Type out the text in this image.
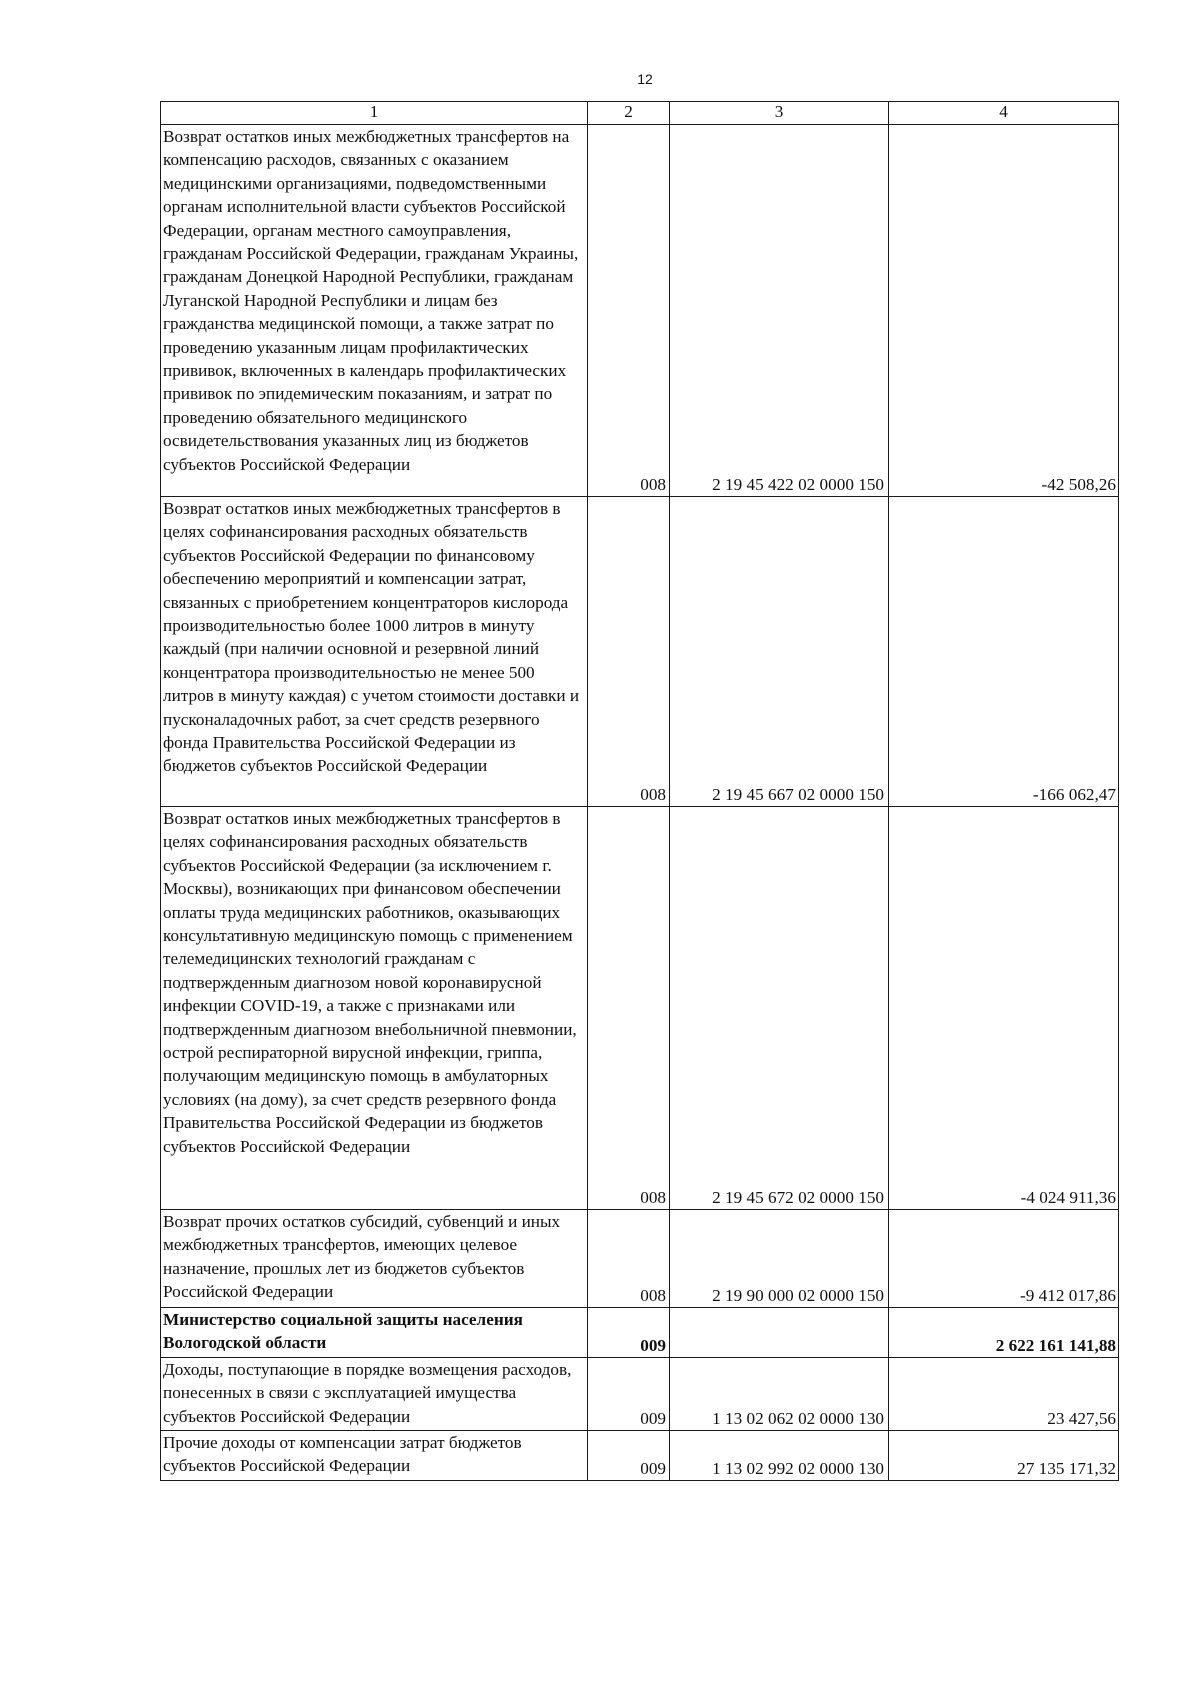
12
1	2	3	4
Возврат остатков иных межбюджетных трансфертов на компенсацию расходов, связанных с оказанием медицинскими организациями, подведомственными органам исполнительной власти субъектов Российской Федерации, органам местного самоуправления, гражданам Российской Федерации, гражданам Украины, гражданам Донецкой Народной Республики, гражданам Луганской Народной Республики и лицам без гражданства медицинской помощи, а также затрат по проведению указанным лицам профилактических прививок, включенных в календарь профилактических прививок по эпидемическим показаниям, и затрат по проведению обязательного медицинского освидетельствования указанных лиц из бюджетов субъектов Российской Федерации	008	2 19 45 422 02 0000 150	-42 508,26
Возврат остатков иных межбюджетных трансфертов в целях софинансирования расходных обязательств субъектов Российской Федерации по финансовому обеспечению мероприятий и компенсации затрат, связанных с приобретением концентраторов кислорода производительностью более 1000 литров в минуту каждый (при наличии основной и резервной линий концентратора производительностью не менее 500 литров в минуту каждая) с учетом стоимости доставки и пусконаладочных работ, за счет средств резервного фонда Правительства Российской Федерации из бюджетов субъектов Российской Федерации	008	2 19 45 667 02 0000 150	-166 062,47
Возврат остатков иных межбюджетных трансфертов в целях софинансирования расходных обязательств субъектов Российской Федерации (за исключением г. Москвы), возникающих при финансовом обеспечении оплаты труда медицинских работников, оказывающих консультативную медицинскую помощь с применением телемедицинских технологий гражданам с подтвержденным диагнозом новой коронавирусной инфекции COVID-19, а также с признаками или подтвержденным диагнозом внебольничной пневмонии, острой респираторной вирусной инфекции, гриппа, получающим медицинскую помощь в амбулаторных условиях (на дому), за счет средств резервного фонда Правительства Российской Федерации из бюджетов субъектов Российской Федерации	008	2 19 45 672 02 0000 150	-4 024 911,36
Возврат прочих остатков субсидий, субвенций и иных межбюджетных трансфертов, имеющих целевое назначение, прошлых лет из бюджетов субъектов Российской Федерации	008	2 19 90 000 02 0000 150	-9 412 017,86
Министерство социальной защиты населения Вологодской области	009		2 622 161 141,88
Доходы, поступающие в порядке возмещения расходов, понесенных в связи с эксплуатацией имущества субъектов Российской Федерации	009	1 13 02 062 02 0000 130	23 427,56
Прочие доходы от компенсации затрат бюджетов субъектов Российской Федерации	009	1 13 02 992 02 0000 130	27 135 171,32
